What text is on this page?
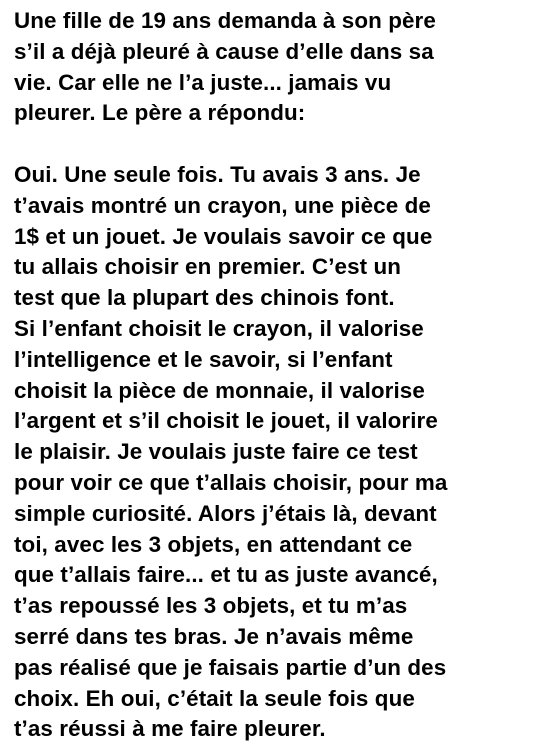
Une fille de 19 ans demanda à son père
s’il a déjà pleuré à cause d’elle dans sa
vie. Car elle ne l’a juste... jamais vu
pleurer. Le père a répondu:
Oui. Une seule fois. Tu avais 3 ans. Je
t’avais montré un crayon, une pièce de
1$ et un jouet. Je voulais savoir ce que
tu allais choisir en premier. C’est un
test que la plupart des chinois font.
Si l’enfant choisit le crayon, il valorise
l’intelligence et le savoir, si l’enfant
choisit la pièce de monnaie, il valorise
l’argent et s’il choisit le jouet, il valorire
le plaisir. Je voulais juste faire ce test
pour voir ce que t’allais choisir, pour ma
simple curiosité. Alors j’étais là, devant
toi, avec les 3 objets, en attendant ce
que t’allais faire... et tu as juste avancé,
t’as repoussé les 3 objets, et tu m’as
serré dans tes bras. Je n’avais même
pas réalisé que je faisais partie d’un des
choix. Eh oui, c’était la seule fois que
t’as réussi à me faire pleurer.
